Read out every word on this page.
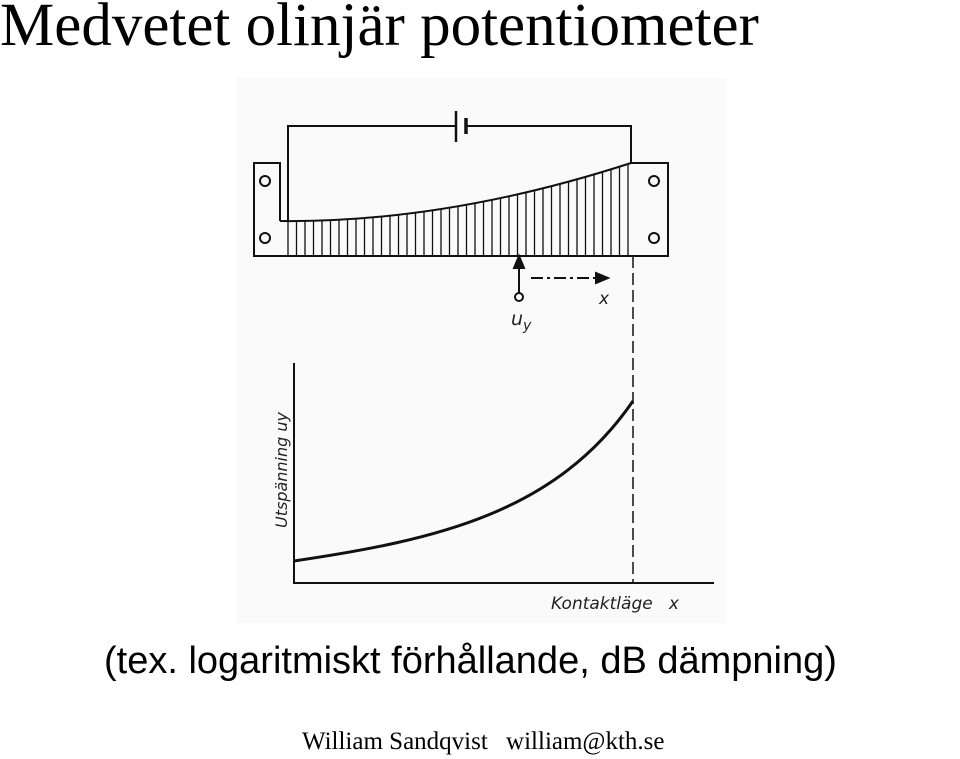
Medvetet olinjär potentiometer
x
$u_y$
Utspänning uy
Kontaktläge   x
(tex. logaritmiskt förhållande, dB dämpning)
William Sandqvist william@kth.se
